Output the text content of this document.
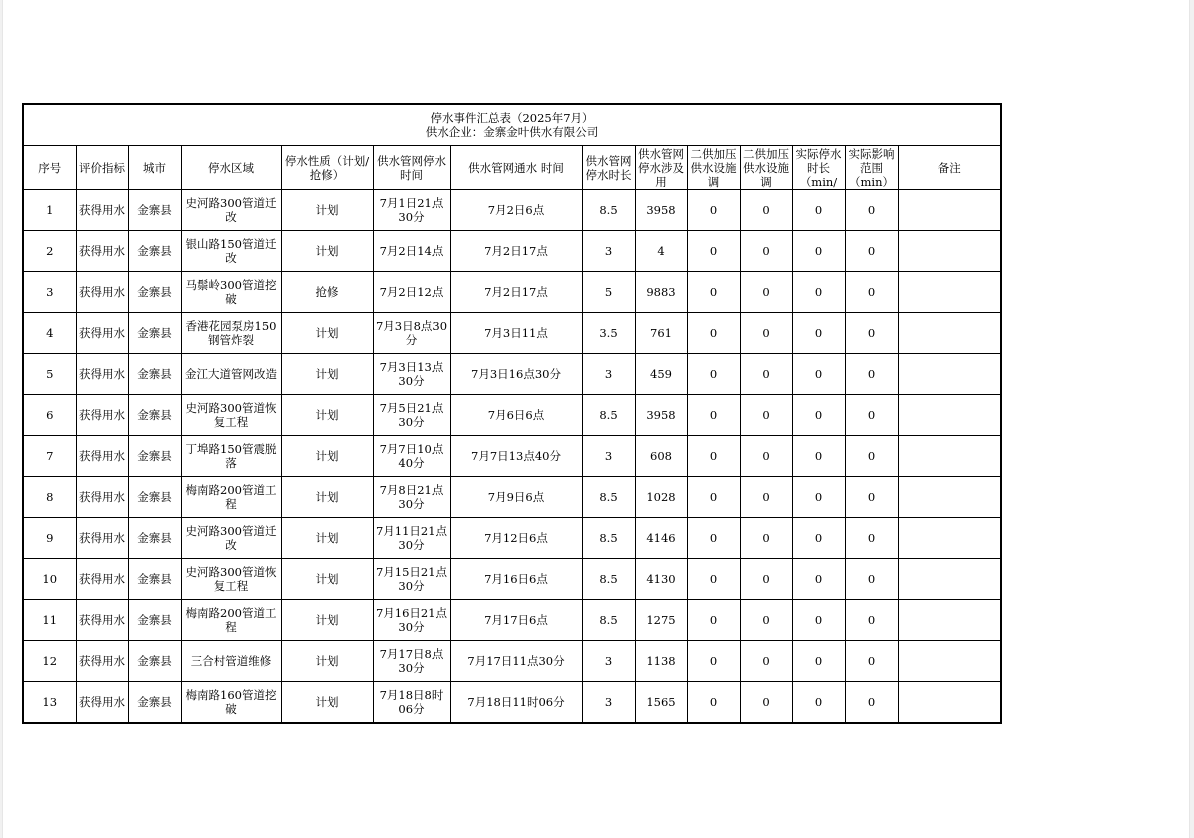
停水事件汇总表（2025年7月）
供水企业：金寨金叶供水有限公司													

序号	评价指标	城市	停水区域	停水性质（计划/抢修）	供水管网停水 时间	供水管网通水 时间	供水管网停水时长	供水管网停水涉及用	二供加压供水设施调	二供加压供水设施调	实际停水时长（min/	实际影响范围（min）	备注
1	获得用水	金寨县	史河路300管道迁改	计划	7月1日21点30分	7月2日6点	8.5	3958	0	0	0	0	
2	获得用水	金寨县	银山路150管道迁改	计划	7月2日14点	7月2日17点	3	4	0	0	0	0	
3	获得用水	金寨县	马鬃岭300管道挖破	抢修	7月2日12点	7月2日17点	5	9883	0	0	0	0	
4	获得用水	金寨县	香港花园泵房150钢管炸裂	计划	7月3日8点30分	7月3日11点	3.5	761	0	0	0	0	
5	获得用水	金寨县	金江大道管网改造	计划	7月3日13点30分	7月3日16点30分	3	459	0	0	0	0	
6	获得用水	金寨县	史河路300管道恢复工程	计划	7月5日21点30分	7月6日6点	8.5	3958	0	0	0	0	
7	获得用水	金寨县	丁埠路150管震脱落	计划	7月7日10点40分	7月7日13点40分	3	608	0	0	0	0	
8	获得用水	金寨县	梅南路200管道工程	计划	7月8日21点30分	7月9日6点	8.5	1028	0	0	0	0	
9	获得用水	金寨县	史河路300管道迁改	计划	7月11日21点30分	7月12日6点	8.5	4146	0	0	0	0	
10	获得用水	金寨县	史河路300管道恢复工程	计划	7月15日21点30分	7月16日6点	8.5	4130	0	0	0	0	
11	获得用水	金寨县	梅南路200管道工程	计划	7月16日21点30分	7月17日6点	8.5	1275	0	0	0	0	
12	获得用水	金寨县	三合村管道维修	计划	7月17日8点30分	7月17日11点30分	3	1138	0	0	0	0	
13	获得用水	金寨县	梅南路160管道挖破	计划	7月18日8时06分	7月18日11时06分	3	1565	0	0	0	0	
